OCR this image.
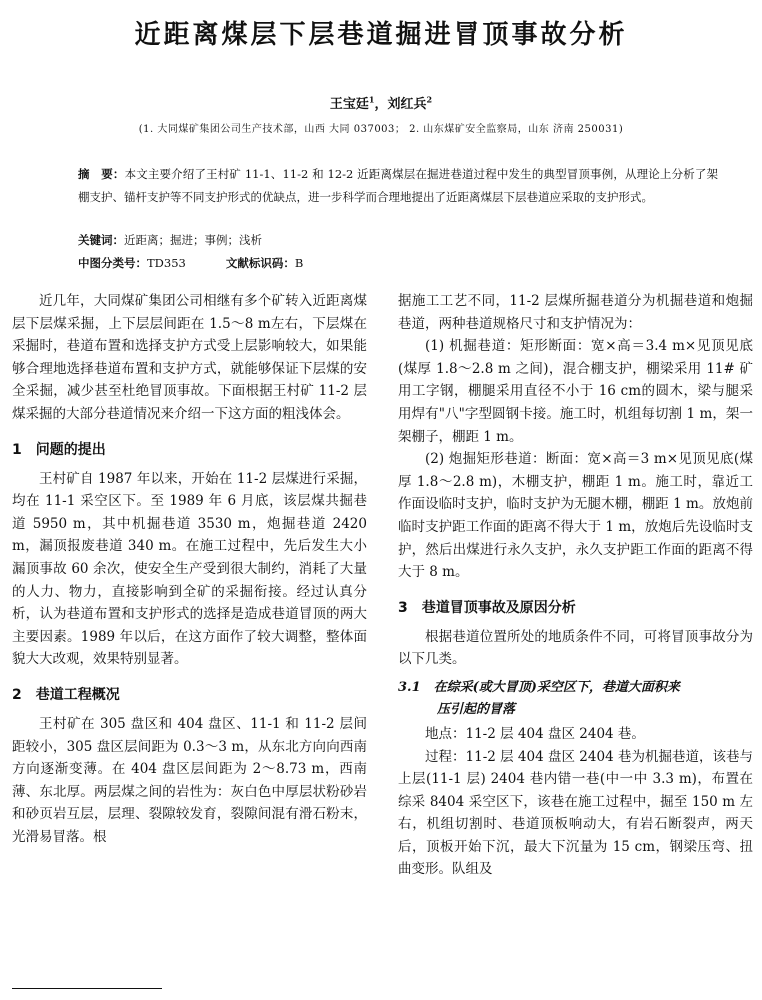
近距离煤层下层巷道掘进冒顶事故分析
王宝廷$^1$，刘红兵$^2$
(1. 大同煤矿集团公司生产技术部，山西 大同 037003； 2. 山东煤矿安全监察局，山东 济南 250031)
摘　要：本文主要介绍了王村矿 11-1、11-2 和 12-2 近距离煤层在掘进巷道过程中发生的典型冒顶事例，从理论上分析了架棚支护、锚杆支护等不同支护形式的优缺点，进一步科学而合理地提出了近距离煤层下层巷道应采取的支护形式。
关键词：近距离；掘进；事例；浅析
中图分类号：TD353	文献标识码：B

近几年，大同煤矿集团公司相继有多个矿转入近距离煤层下层煤采掘，上下层层间距在 1.5～8 m左右，下层煤在采掘时，巷道布置和选择支护方式受上层影响较大，如果能够合理地选择巷道布置和支护方式，就能够保证下层煤的安全采掘，减少甚至杜绝冒顶事故。下面根据王村矿 11-2 层煤采掘的大部分巷道情况来介绍一下这方面的粗浅体会。

1　问题的提出

王村矿自 1987 年以来，开始在 11-2 层煤进行采掘，均在 11-1 采空区下。至 1989 年 6 月底，该层煤共掘巷道 5950 m，其中机掘巷道 3530 m，炮掘巷道 2420 m，漏顶报废巷道 340 m。在施工过程中，先后发生大小漏顶事故 60 余次，使安全生产受到很大制约，消耗了大量的人力、物力，直接影响到全矿的采掘衔接。经过认真分析，认为巷道布置和支护形式的选择是造成巷道冒顶的两大主要因素。1989 年以后，在这方面作了较大调整，整体面貌大大改观，效果特别显著。

2　巷道工程概况

王村矿在 305 盘区和 404 盘区、11-1 和 11-2 层间距较小，305 盘区层间距为 0.3～3 m，从东北方向向西南方向逐渐变薄。在 404 盘区层间距为 2～8.73 m，西南薄、东北厚。两层煤之间的岩性为：灰白色中厚层状粉砂岩和砂页岩互层，层理、裂隙较发育，裂隙间混有滑石粉末，光滑易冒落。根

据施工工艺不同，11-2 层煤所掘巷道分为机掘巷道和炮掘巷道，两种巷道规格尺寸和支护情况为：

(1) 机掘巷道：矩形断面：宽×高＝3.4 m×见顶见底(煤厚 1.8～2.8 m 之间)，混合棚支护，棚梁采用 11# 矿用工字钢，棚腿采用直径不小于 16 cm的圆木，梁与腿采用焊有"八"字型圆钢卡接。施工时，机组每切割 1 m，架一架棚子，棚距 1 m。

(2) 炮掘矩形巷道：断面：宽×高＝3 m×见顶见底(煤厚 1.8～2.8 m)，木棚支护，棚距 1 m。施工时，靠近工作面设临时支护，临时支护为无腿木棚，棚距 1 m。放炮前临时支护距工作面的距离不得大于 1 m，放炮后先设临时支护，然后出煤进行永久支护，永久支护距工作面的距离不得大于 8 m。

3　巷道冒顶事故及原因分析

根据巷道位置所处的地质条件不同，可将冒顶事故分为以下几类。

3.1　在综采(或大冒顶)采空区下，巷道大面积来
压引起的冒落

地点：11-2 层 404 盘区 2404 巷。

过程：11-2 层 404 盘区 2404 巷为机掘巷道，该巷与上层(11-1 层) 2404 巷内错一巷(中一中 3.3 m)，布置在综采 8404 采空区下，该巷在施工过程中，掘至 150 m 左右，机组切割时、巷道顶板响动大，有岩石断裂声，两天后，顶板开始下沉，最大下沉量为 15 cm，钢梁压弯、扭曲变形。队组及
